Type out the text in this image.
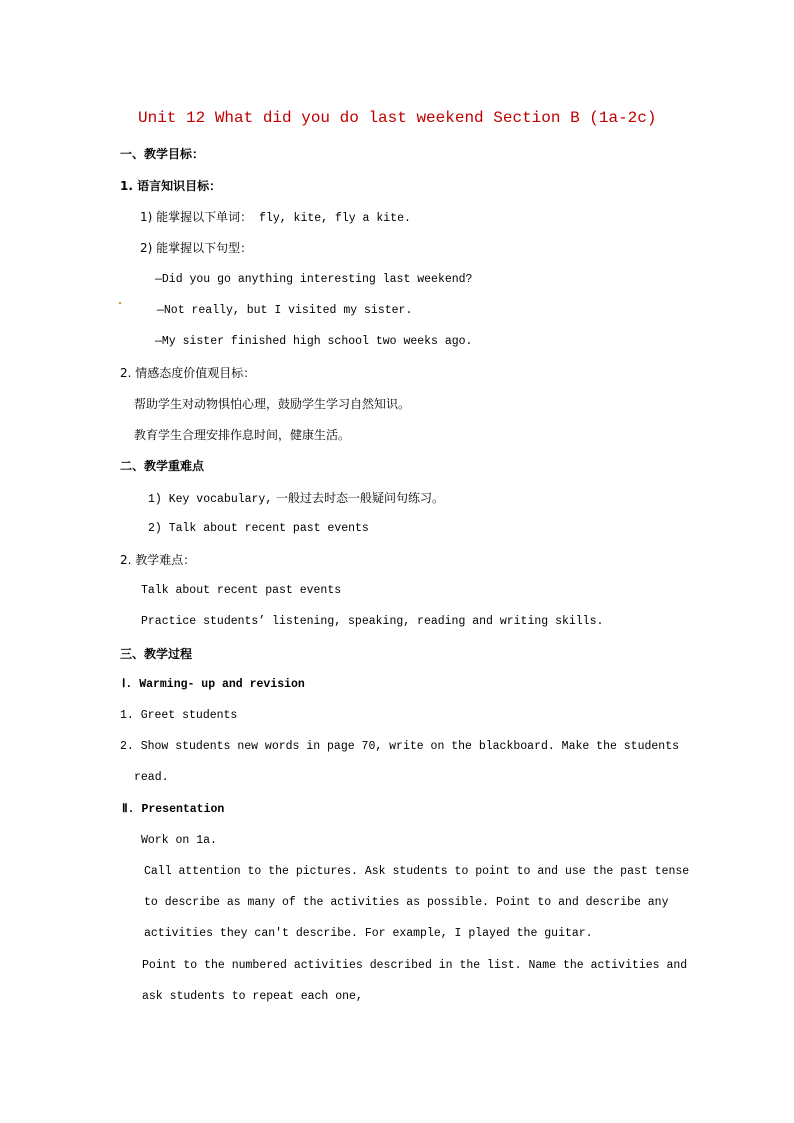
Unit 12 What did you do last weekend Section B (1a-2c)
一、教学目标：
1. 语言知识目标：
1) 能掌握以下单词： fly, kite, fly a kite.
2) 能掌握以下句型：
—Did you go anything interesting last weekend?
—Not really, but I visited my sister.
—My sister finished high school two weeks ago.
2. 情感态度价值观目标：
帮助学生对动物惧怕心理，鼓励学生学习自然知识。
教育学生合理安排作息时间，健康生活。
二、教学重难点
1) Key vocabulary, 一般过去时态一般疑问句练习。
2) Talk about recent past events
2. 教学难点：
Talk about recent past events
Practice students’ listening, speaking, reading and writing skills.
三、教学过程
Ⅰ. Warming- up and revision
1. Greet students
2. Show students new words in page 70, write on the blackboard. Make the students
read.
Ⅱ. Presentation
Work on 1a.
Call attention to the pictures. Ask students to point to and use the past tense
to describe as many of the activities as possible. Point to and describe any
activities they can't describe. For example, I played the guitar.
Point to the numbered activities described in the list. Name the activities and
ask students to repeat each one,
